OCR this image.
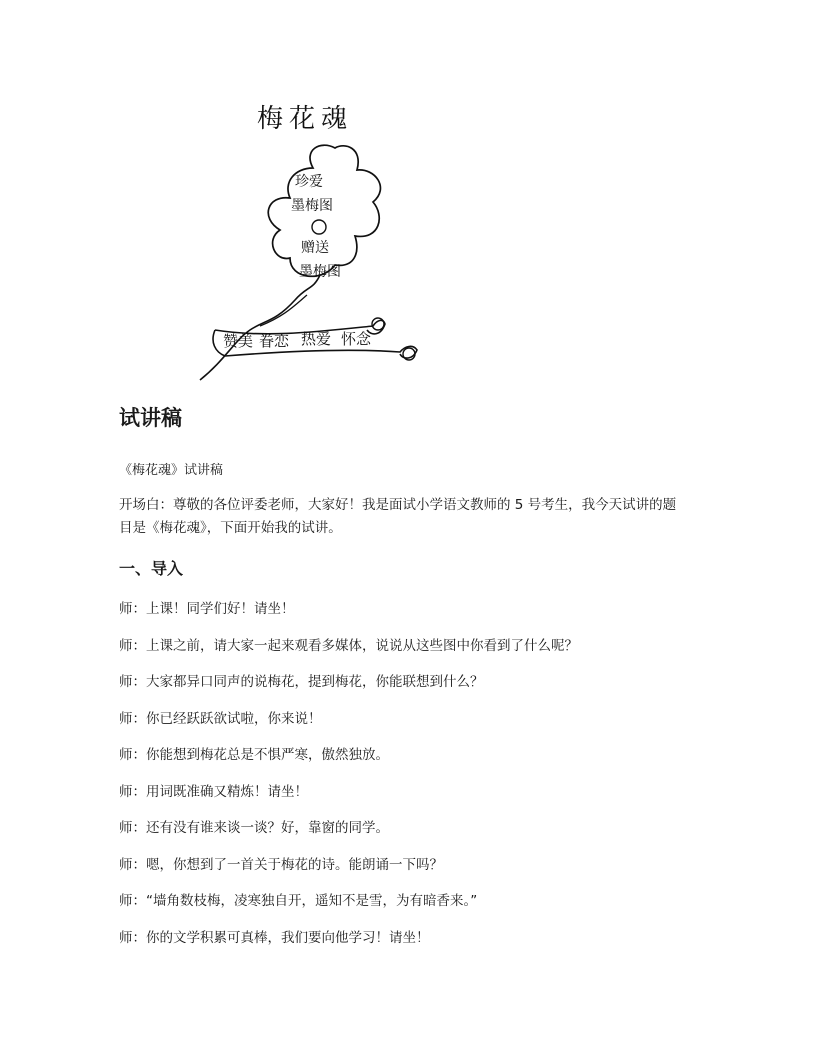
梅花魂
珍爱
墨梅图
赠送
墨梅图
赞美 眷恋 热爱 怀念
试讲稿

《梅花魂》试讲稿

开场白：尊敬的各位评委老师，大家好！我是面试小学语文教师的 5 号考生，我今天试讲的题目是《梅花魂》，下面开始我的试讲。

一、导入
师：上课！同学们好！请坐！
师：上课之前，请大家一起来观看多媒体，说说从这些图中你看到了什么呢？
师：大家都异口同声的说梅花，提到梅花，你能联想到什么？
师：你已经跃跃欲试啦，你来说！
师：你能想到梅花总是不惧严寒，傲然独放。
师：用词既准确又精炼！请坐！
师：还有没有谁来谈一谈？好，靠窗的同学。
师：嗯，你想到了一首关于梅花的诗。能朗诵一下吗？
师：“墙角数枝梅，凌寒独自开，遥知不是雪，为有暗香来。”
师：你的文学积累可真棒，我们要向他学习！请坐！
